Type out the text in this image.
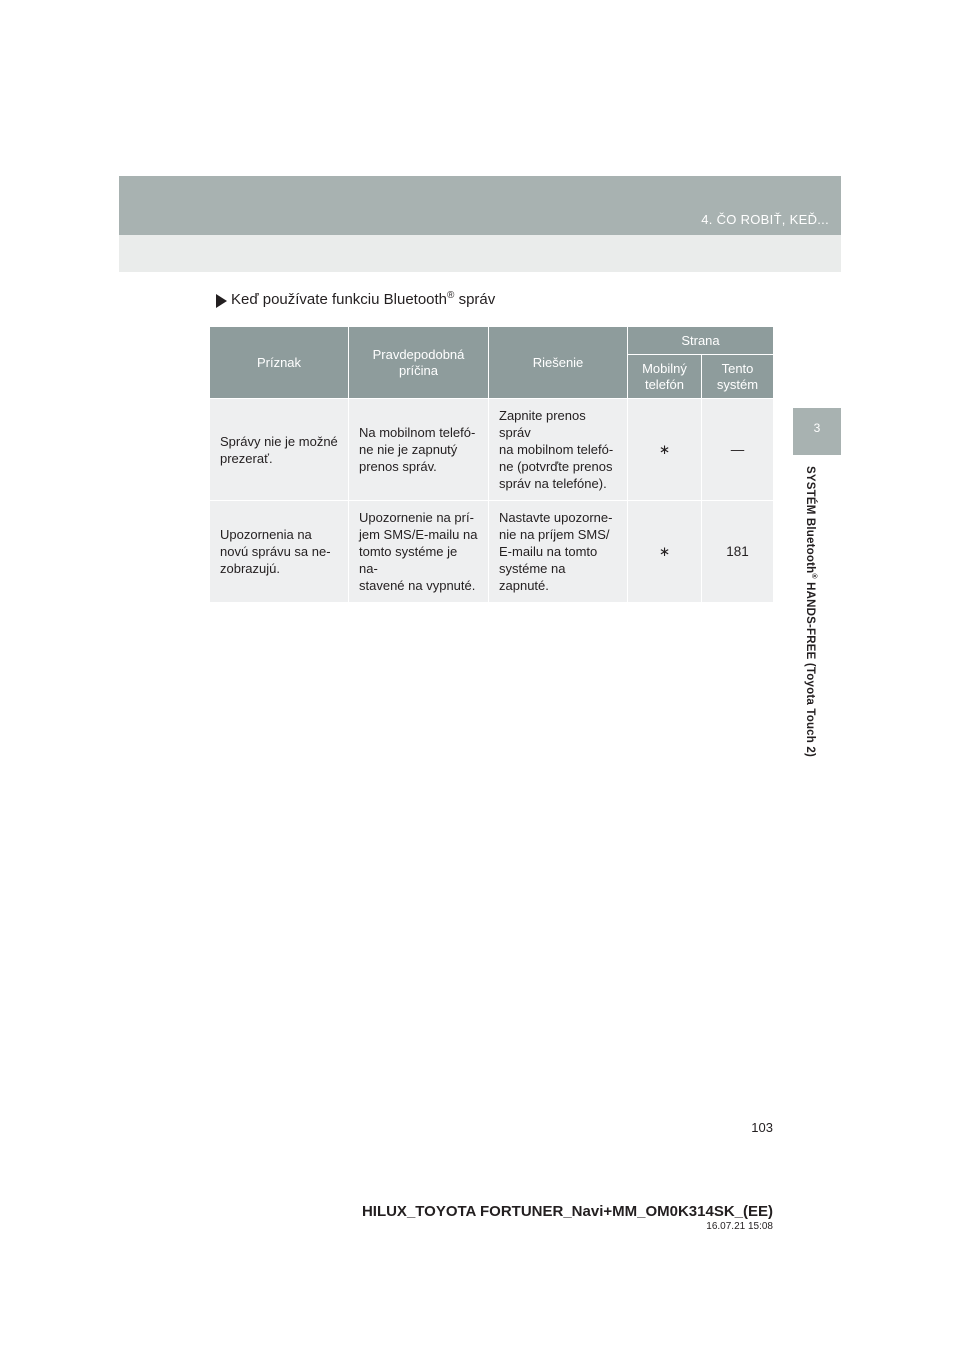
4. ČO ROBIŤ, KEĎ...
3
SYSTÉM Bluetooth® HANDS-FREE (Toyota Touch 2)
Keď používate funkciu Bluetooth® správ
Príznak	Pravdepodobná
príčina	Riešenie	Strana	
			Mobilný
telefón	Tento
systém
Správy nie je možné
prezerať.	Na mobilnom telefó-
ne nie je zapnutý
prenos správ.	Zapnite prenos správ
na mobilnom telefó-
ne (potvrďte prenos
správ na telefóne).	∗	—
Upozornenia na
novú správu sa ne-
zobrazujú.	Upozornenie na prí-
jem SMS/E-mailu na
tomto systéme je na-
stavené na vypnuté.	Nastavte upozorne-
nie na príjem SMS/
E-mailu na tomto
systéme na zapnuté.	∗	181
103
HILUX_TOYOTA FORTUNER_Navi+MM_OM0K314SK_(EE)
16.07.21 15:08
